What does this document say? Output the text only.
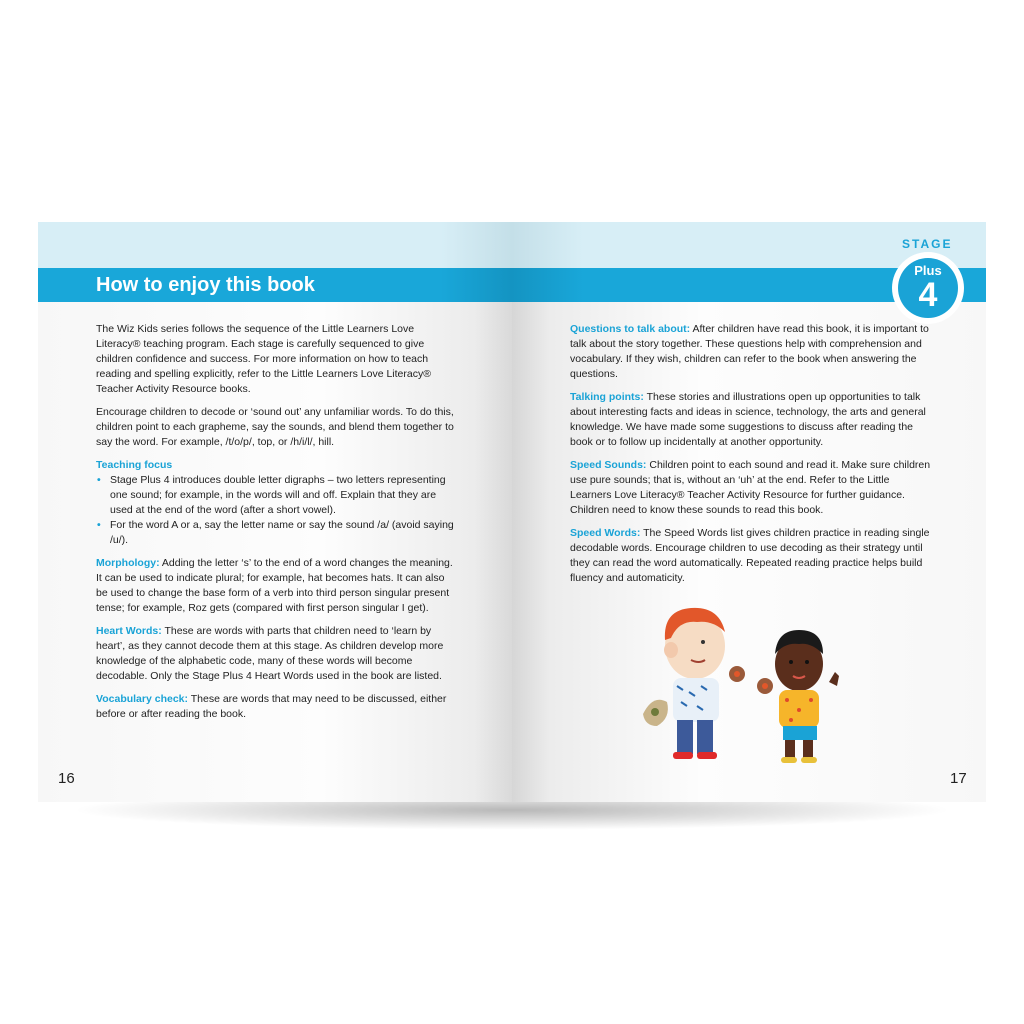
How to enjoy this book

The Wiz Kids series follows the sequence of the Little Learners Love Literacy® teaching program. Each stage is carefully sequenced to give children confidence and success. For more information on how to teach reading and spelling explicitly, refer to the Little Learners Love Literacy® Teacher Activity Resource books.

Encourage children to decode or ‘sound out’ any unfamiliar words. To do this, children point to each grapheme, say the sounds, and blend them together to say the word. For example, /t/o/p/, top, or /h/i/l/, hill.

Teaching focus
• Stage Plus 4 introduces double letter digraphs – two letters representing one sound; for example, in the words will and off. Explain that they are used at the end of the word (after a short vowel).
• For the word A or a, say the letter name or say the sound /a/ (avoid saying /u/).

Morphology: Adding the letter ‘s’ to the end of a word changes the meaning. It can be used to indicate plural; for example, hat becomes hats. It can also be used to change the base form of a verb into third person singular present tense; for example, Roz gets (compared with first person singular I get).

Heart Words: These are words with parts that children need to ‘learn by heart’, as they cannot decode them at this stage. As children develop more knowledge of the alphabetic code, many of these words will become decodable. Only the Stage Plus 4 Heart Words used in the book are listed.

Vocabulary check: These are words that may need to be discussed, either before or after reading the book.

16

Questions to talk about: After children have read this book, it is important to talk about the story together. These questions help with comprehension and vocabulary. If they wish, children can refer to the book when answering the questions.

Talking points: These stories and illustrations open up opportunities to talk about interesting facts and ideas in science, technology, the arts and general knowledge. We have made some suggestions to discuss after reading the book or to follow up incidentally at another opportunity.

Speed Sounds: Children point to each sound and read it. Make sure children use pure sounds; that is, without an ‘uh’ at the end. Refer to the Little Learners Love Literacy® Teacher Activity Resource for further guidance. Children need to know these sounds to read this book.

Speed Words: The Speed Words list gives children practice in reading single decodable words. Encourage children to use decoding as their strategy until they can read the word automatically. Repeated reading practice helps build fluency and automaticity.

17
STAGE
Plus
4
